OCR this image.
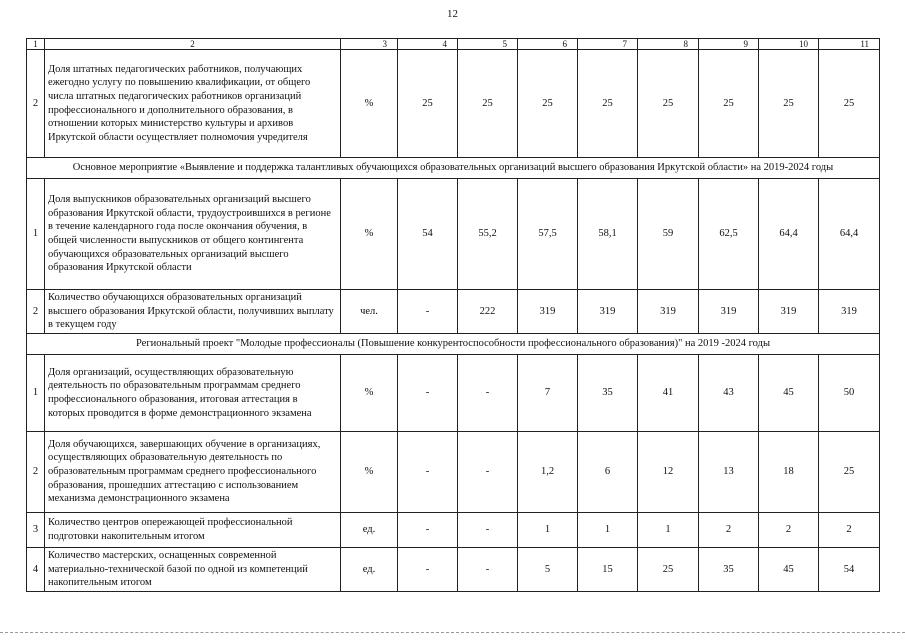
12
1	2	3	4	5	6	7	8	9	10	11
2	Доля штатных педагогических работников, получающих ежегодно услугу по повышению квалификации, от общего числа штатных педагогических работников организаций профессионального и дополнительного образования, в отношении которых министерство культуры и архивов Иркутской области осуществляет полномочия учредителя	%	25	25	25	25	25	25	25	25
Основное мероприятие «Выявление и поддержка талантливых обучающихся образовательных организаций высшего образования Иркутской области» на 2019-2024 годы										
1	Доля выпускников образовательных организаций высшего образования Иркутской области, трудоустроившихся в регионе в течение календарного года после окончания обучения, в общей численности выпускников от общего контингента обучающихся образовательных организаций высшего образования Иркутской области	%	54	55,2	57,5	58,1	59	62,5	64,4	64,4
2	Количество обучающихся образовательных организаций высшего образования Иркутской области, получивших выплату в текущем году	чел.	-	222	319	319	319	319	319	319
Региональный проект "Молодые профессионалы (Повышение конкурентоспособности профессионального образования)" на 2019 -2024 годы										
1	Доля организаций, осуществляющих образовательную деятельность по образовательным программам среднего профессионального образования, итоговая аттестация в которых проводится в форме демонстрационного экзамена	%	-	-	7	35	41	43	45	50
2	Доля обучающихся, завершающих обучение в организациях, осуществляющих образовательную деятельность по образовательным программам среднего профессионального образования, прошедших аттестацию с использованием механизма демонстрационного экзамена	%	-	-	1,2	6	12	13	18	25
3	Количество центров опережающей профессиональной подготовки накопительным итогом	ед.	-	-	1	1	1	2	2	2
4	Количество мастерских, оснащенных современной материально-технической базой по одной из компетенций накопительным итогом	ед.	-	-	5	15	25	35	45	54
